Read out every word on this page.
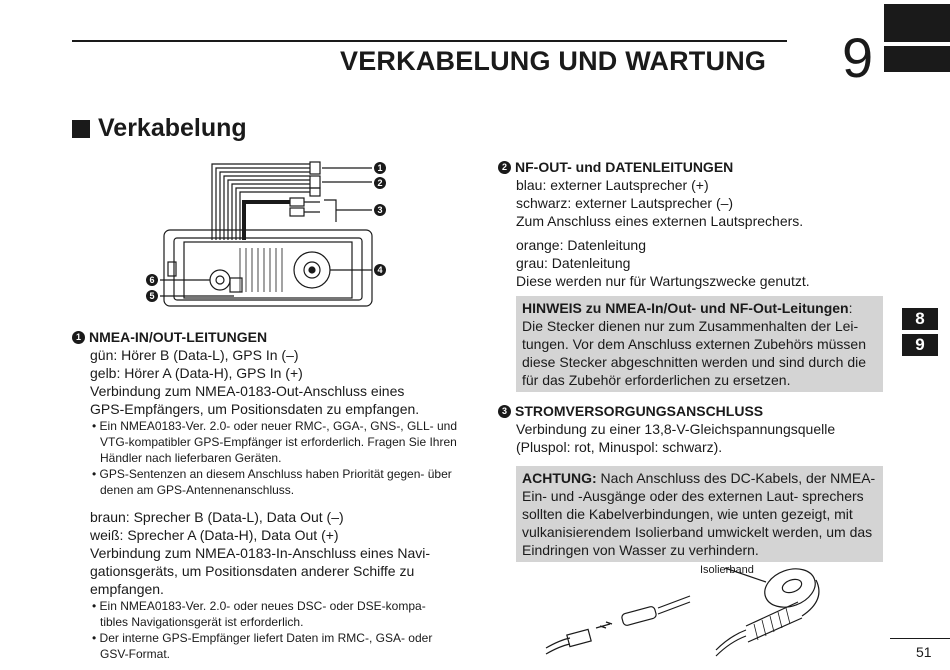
VERKABELUNG UND WARTUNG 9
Verkabelung
8
9
1
2
3
4
6
5
1 NMEA-IN/OUT-LEITUNGEN
gün: Hörer B (Data-L), GPS In (–)
gelb: Hörer A (Data-H), GPS In (+)
Verbindung zum NMEA-0183-Out-Anschluss eines
GPS-Empfängers, um Positionsdaten zu empfangen.
• Ein NMEA0183-Ver. 2.0- oder neuer RMC-, GGA-, GNS-, GLL- und VTG-kompatibler GPS-Empfänger ist erforderlich. Fragen Sie Ihren Händler nach lieferbaren Geräten.
• GPS-Sentenzen an diesem Anschluss haben Priorität gegen- über denen am GPS-Antennenanschluss.
braun: Sprecher B (Data-L), Data Out (–)
weiß: Sprecher A (Data-H), Data Out (+)
Verbindung zum NMEA-0183-In-Anschluss eines Navi-
gationsgeräts, um Positionsdaten anderer Schiffe zu
empfangen.
• Ein NMEA0183-Ver. 2.0- oder neues DSC- oder DSE-kompa- tibles Navigationsgerät ist erforderlich.
• Der interne GPS-Empfänger liefert Daten im RMC-, GSA- oder GSV-Format.
2 NF-OUT- und DATENLEITUNGEN
blau: externer Lautsprecher (+)
schwarz: externer Lautsprecher (–)
Zum Anschluss eines externen Lautsprechers.
orange: Datenleitung
grau: Datenleitung
Diese werden nur für Wartungszwecke genutzt.
HINWEIS zu NMEA-In/Out- und NF-Out-Leitungen: Die Stecker dienen nur zum Zusammenhalten der Lei- tungen. Vor dem Anschluss externen Zubehörs müssen diese Stecker abgeschnitten werden und sind durch die für das Zubehör erforderlichen zu ersetzen.
3 STROMVERSORGUNGSANSCHLUSS
Verbindung zu einer 13,8-V-Gleichspannungsquelle
(Pluspol: rot, Minuspol: schwarz).
ACHTUNG: Nach Anschluss des DC-Kabels, der NMEA-Ein- und -Ausgänge oder des externen Laut- sprechers sollten die Kabelverbindungen, wie unten gezeigt, mit vulkanisierendem Isolierband umwickelt werden, um das Eindringen von Wasser zu verhindern.
Isolierband
51
